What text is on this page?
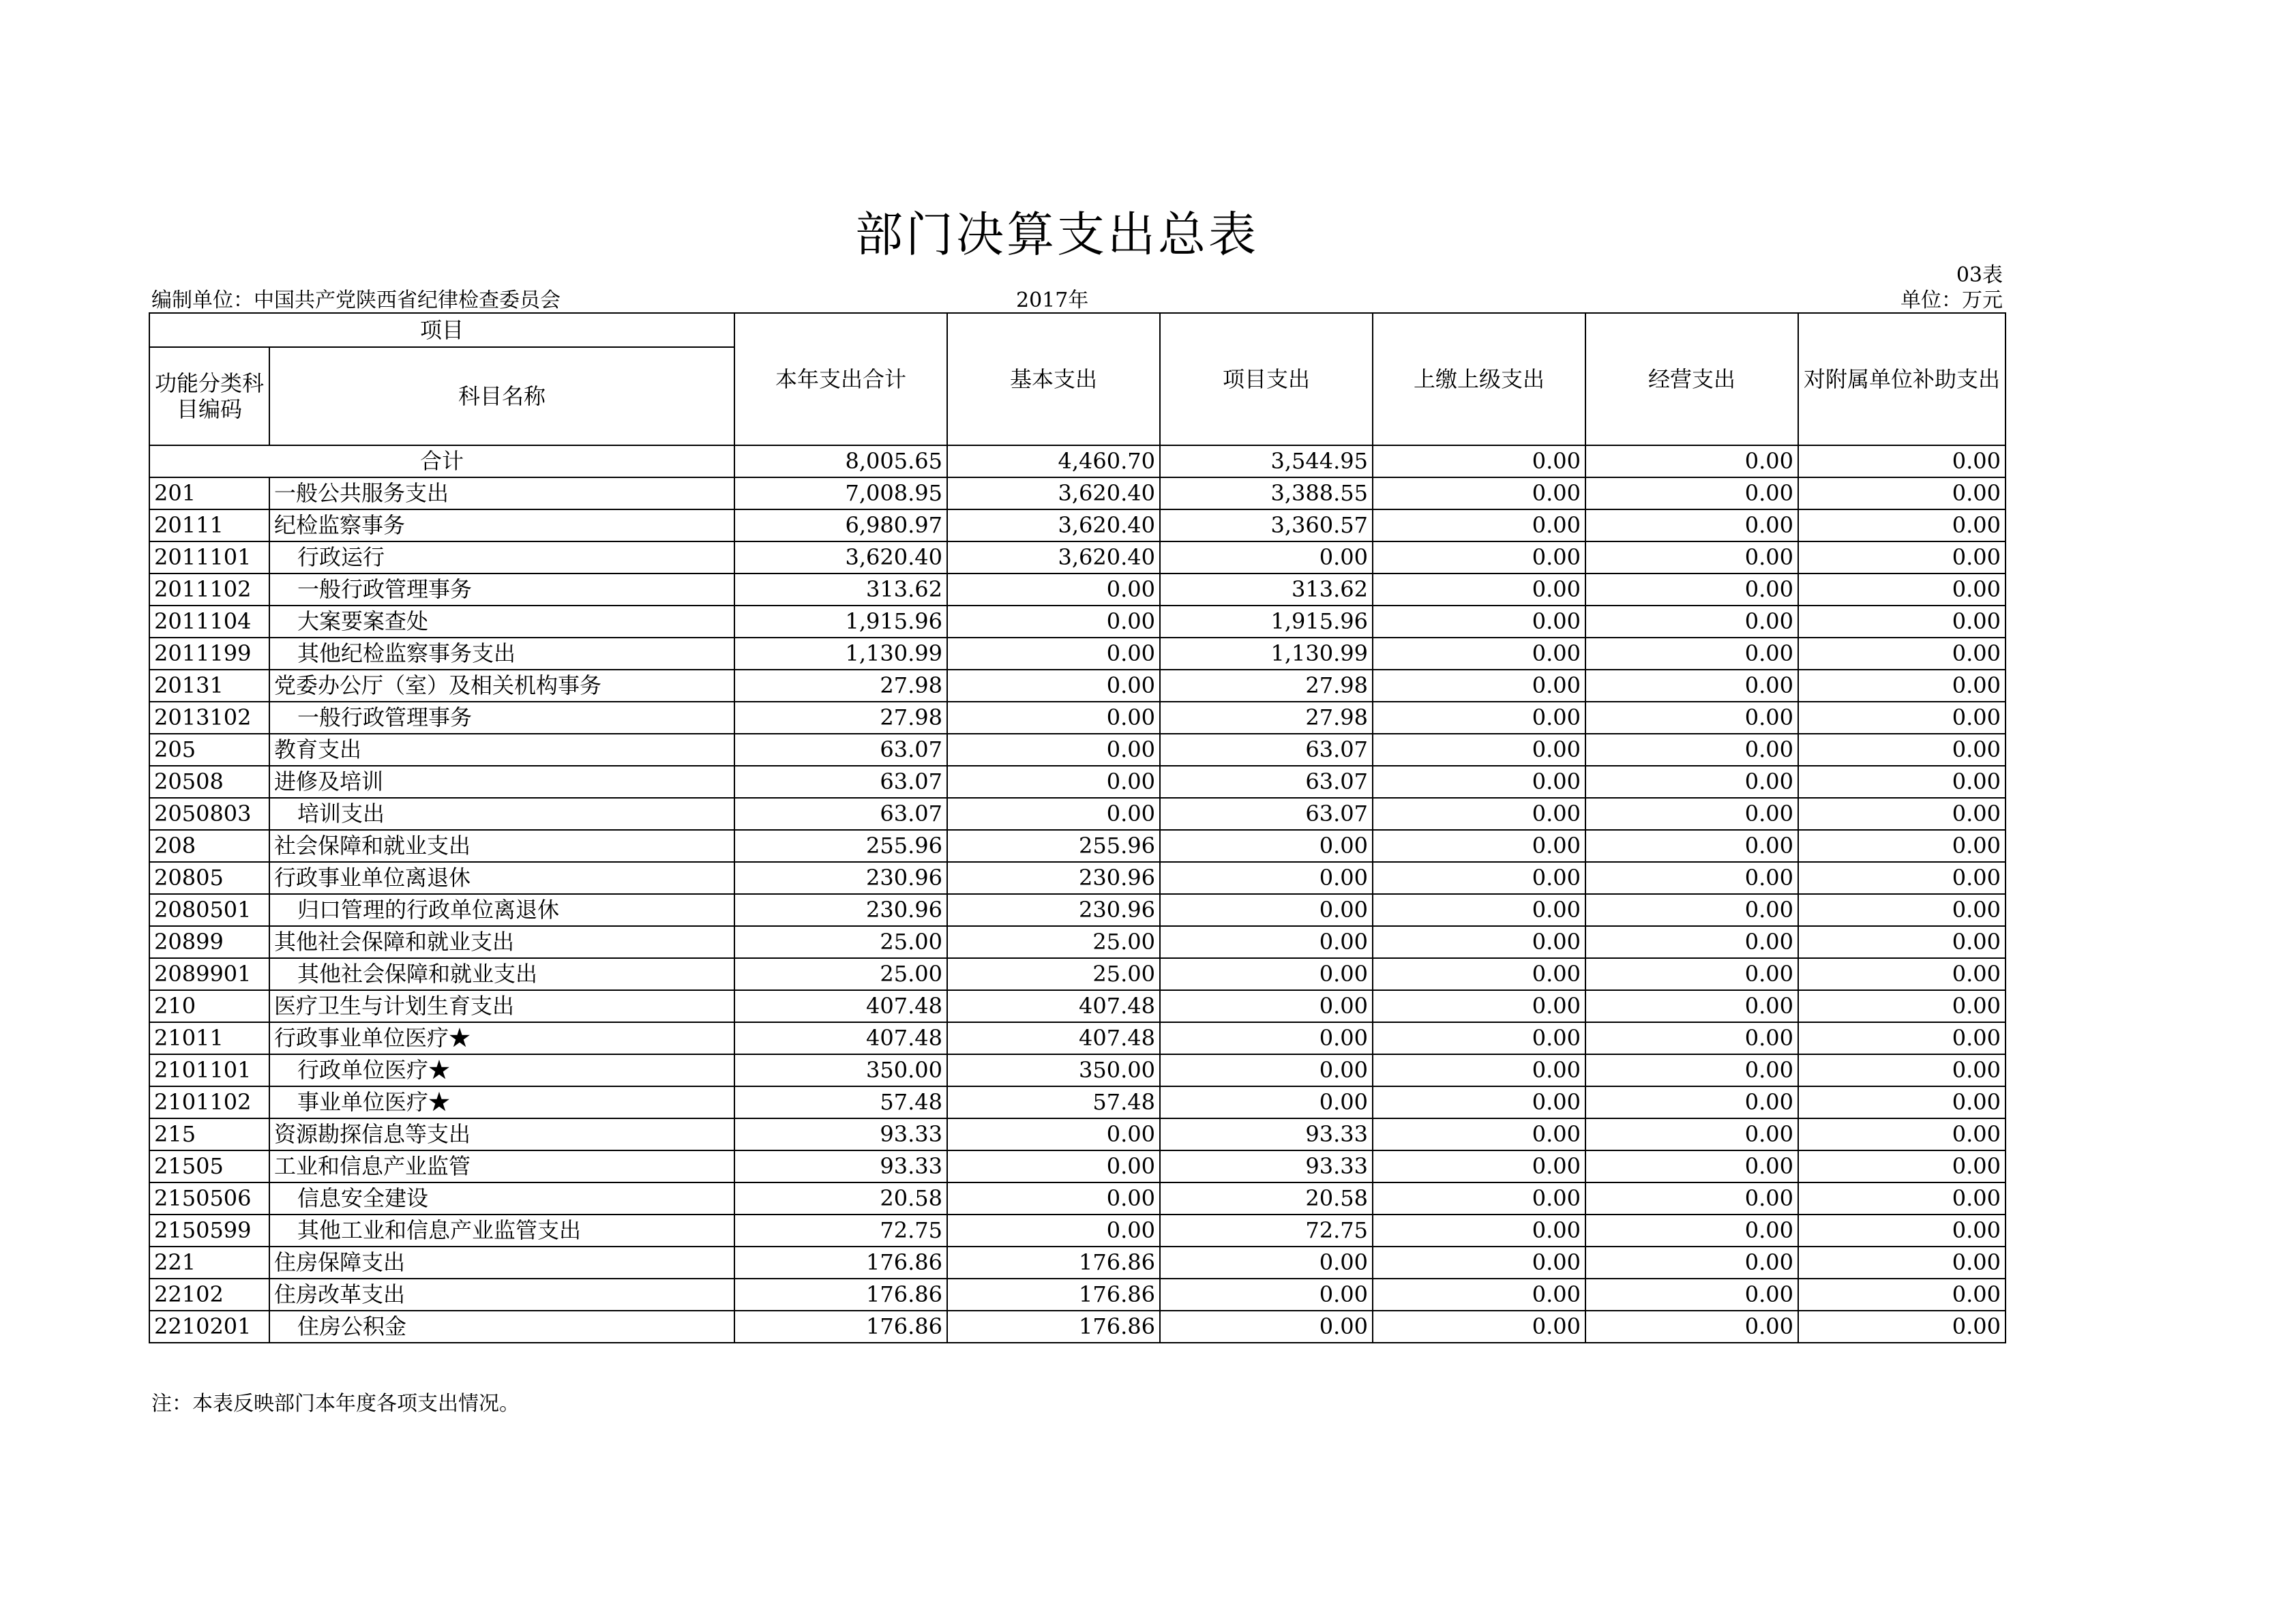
部门决算支出总表
03表
编制单位：中国共产党陕西省纪律检查委员会	2017年	单位：万元
项目		本年支出合计	基本支出	项目支出	上缴上级支出	经营支出	对附属单位补助支出
功能分类科目编码	科目名称						
合计		8,005.65	4,460.70	3,544.95	0.00	0.00	0.00
201	一般公共服务支出	7,008.95	3,620.40	3,388.55	0.00	0.00	0.00
20111	纪检监察事务	6,980.97	3,620.40	3,360.57	0.00	0.00	0.00
2011101	行政运行	3,620.40	3,620.40	0.00	0.00	0.00	0.00
2011102	一般行政管理事务	313.62	0.00	313.62	0.00	0.00	0.00
2011104	大案要案查处	1,915.96	0.00	1,915.96	0.00	0.00	0.00
2011199	其他纪检监察事务支出	1,130.99	0.00	1,130.99	0.00	0.00	0.00
20131	党委办公厅（室）及相关机构事务	27.98	0.00	27.98	0.00	0.00	0.00
2013102	一般行政管理事务	27.98	0.00	27.98	0.00	0.00	0.00
205	教育支出	63.07	0.00	63.07	0.00	0.00	0.00
20508	进修及培训	63.07	0.00	63.07	0.00	0.00	0.00
2050803	培训支出	63.07	0.00	63.07	0.00	0.00	0.00
208	社会保障和就业支出	255.96	255.96	0.00	0.00	0.00	0.00
20805	行政事业单位离退休	230.96	230.96	0.00	0.00	0.00	0.00
2080501	归口管理的行政单位离退休	230.96	230.96	0.00	0.00	0.00	0.00
20899	其他社会保障和就业支出	25.00	25.00	0.00	0.00	0.00	0.00
2089901	其他社会保障和就业支出	25.00	25.00	0.00	0.00	0.00	0.00
210	医疗卫生与计划生育支出	407.48	407.48	0.00	0.00	0.00	0.00
21011	行政事业单位医疗★	407.48	407.48	0.00	0.00	0.00	0.00
2101101	行政单位医疗★	350.00	350.00	0.00	0.00	0.00	0.00
2101102	事业单位医疗★	57.48	57.48	0.00	0.00	0.00	0.00
215	资源勘探信息等支出	93.33	0.00	93.33	0.00	0.00	0.00
21505	工业和信息产业监管	93.33	0.00	93.33	0.00	0.00	0.00
2150506	信息安全建设	20.58	0.00	20.58	0.00	0.00	0.00
2150599	其他工业和信息产业监管支出	72.75	0.00	72.75	0.00	0.00	0.00
221	住房保障支出	176.86	176.86	0.00	0.00	0.00	0.00
22102	住房改革支出	176.86	176.86	0.00	0.00	0.00	0.00
2210201	住房公积金	176.86	176.86	0.00	0.00	0.00	0.00
注：本表反映部门本年度各项支出情况。
